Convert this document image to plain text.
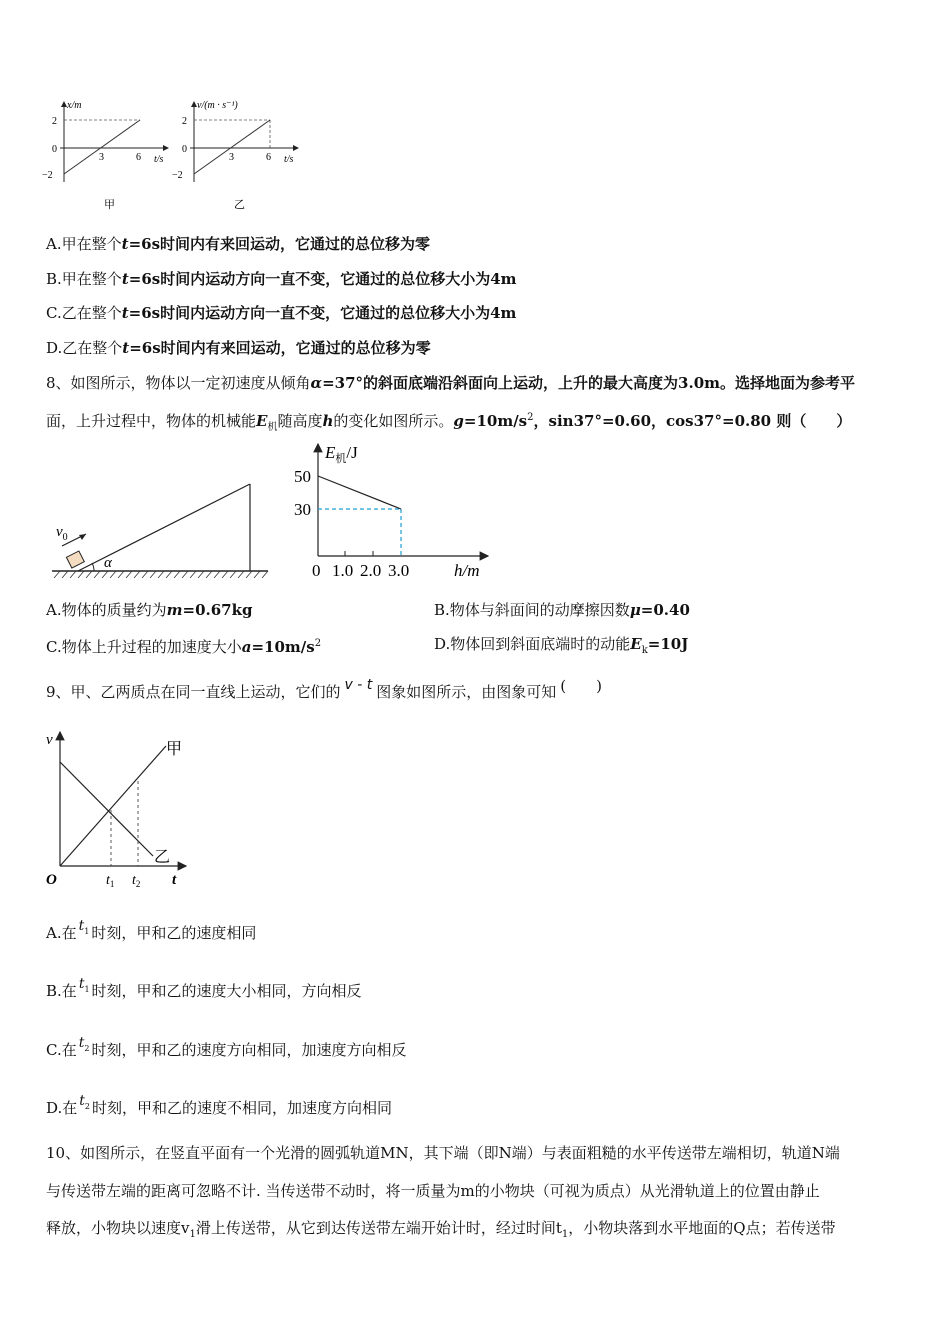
x/m
t/s
2
0
−2
3	6
甲
v/(m · s⁻¹)
t/s
2
0
−2
3	6
乙
A.甲在整个t=6s时间内有来回运动，它通过的总位移为零
B.甲在整个t=6s时间内运动方向一直不变，它通过的总位移大小为4m
C.乙在整个t=6s时间内运动方向一直不变，它通过的总位移大小为4m
D.乙在整个t=6s时间内有来回运动，它通过的总位移为零
8、如图所示，物体以一定初速度从倾角α=37°的斜面底端沿斜面向上运动，上升的最大高度为3.0m。选择地面为参考平
面，上升过程中，物体的机械能$E_机$随高度h的变化如图所示。$g=10m/s^2$，sin37°=0.60，cos37°=0.80 则（　　）
$v_0$
α
$E_机/J$
50
30
0 1.0 2.0 3.0	h/m
A.物体的质量约为m=0.67kg	B.物体与斜面间的动摩擦因数μ=0.40
C.物体上升过程的加速度大小$a=10m/s^2$	D.物体回到斜面底端时的动能$E_k=10J$
9、甲、乙两质点在同一直线上运动，它们的 v - t 图象如图所示，由图象可知 (　　)
v
t
O
甲
乙
$t_1$ $t_2$
A.在 $t_1$ 时刻，甲和乙的速度相同
B.在 $t_1$ 时刻，甲和乙的速度大小相同，方向相反
C.在 $t_2$ 时刻，甲和乙的速度方向相同，加速度方向相反
D.在 $t_2$ 时刻，甲和乙的速度不相同，加速度方向相同
10、如图所示，在竖直平面有一个光滑的圆弧轨道MN，其下端（即N端）与表面粗糙的水平传送带左端相切，轨道N端
与传送带左端的距离可忽略不计. 当传送带不动时，将一质量为m的小物块（可视为质点）从光滑轨道上的位置由静止
释放，小物块以速度$v_1$滑上传送带，从它到达传送带左端开始计时，经过时间$t_1$，小物块落到水平地面的Q点；若传送带
